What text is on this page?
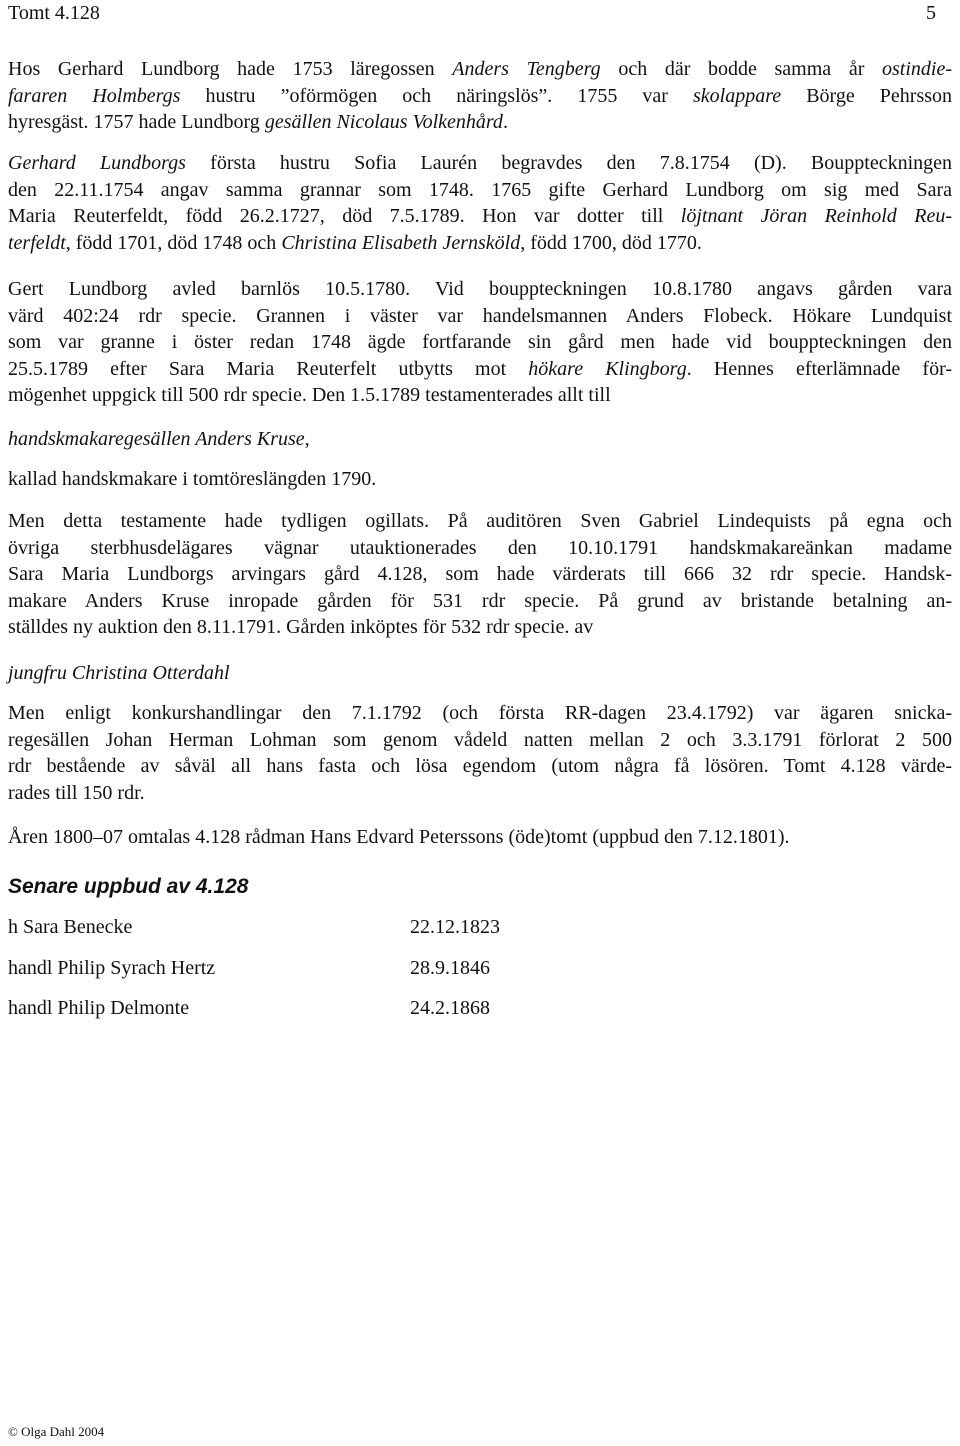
Tomt 4.128	5
Hos Gerhard Lundborg hade 1753 läregossen Anders Tengberg och där bodde samma år ostindie-
fararen Holmbergs hustru ”oförmögen och näringslös”. 1755 var skolappare Börge Pehrsson
hyresgäst. 1757 hade Lundborg gesällen Nicolaus Volkenhård.
Gerhard Lundborgs första hustru Sofia Laurén begravdes den 7.8.1754 (D). Bouppteckningen
den 22.11.1754 angav samma grannar som 1748. 1765 gifte Gerhard Lundborg om sig med Sara
Maria Reuterfeldt, född 26.2.1727, död 7.5.1789. Hon var dotter till löjtnant Jöran Reinhold Reu-
terfeldt, född 1701, död 1748 och Christina Elisabeth Jernsköld, född 1700, död 1770.
Gert Lundborg avled barnlös 10.5.1780. Vid bouppteckningen 10.8.1780 angavs gården vara
värd 402:24 rdr specie. Grannen i väster var handelsmannen Anders Flobeck. Hökare Lundquist
som var granne i öster redan 1748 ägde fortfarande sin gård men hade vid bouppteckningen den
25.5.1789 efter Sara Maria Reuterfelt utbytts mot hökare Klingborg. Hennes efterlämnade för-
mögenhet uppgick till 500 rdr specie. Den 1.5.1789 testamenterades allt till
handskmakaregesällen Anders Kruse,
kallad handskmakare i tomtöreslängden 1790.
Men detta testamente hade tydligen ogillats. På auditören Sven Gabriel Lindequists på egna och
övriga sterbhusdelägares vägnar utauktionerades den 10.10.1791 handskmakareänkan madame
Sara Maria Lundborgs arvingars gård 4.128, som hade värderats till 666 32 rdr specie. Handsk-
makare Anders Kruse inropade gården för 531 rdr specie. På grund av bristande betalning an-
ställdes ny auktion den 8.11.1791. Gården inköptes för 532 rdr specie. av
jungfru Christina Otterdahl
Men enligt konkurshandlingar den 7.1.1792 (och första RR-dagen 23.4.1792) var ägaren snicka-
regesällen Johan Herman Lohman som genom vådeld natten mellan 2 och 3.3.1791 förlorat 2 500
rdr bestående av såväl all hans fasta och lösa egendom (utom några få lösören. Tomt 4.128 värde-
rades till 150 rdr.
Åren 1800–07 omtalas 4.128 rådman Hans Edvard Peterssons (öde)tomt (uppbud den 7.12.1801).
Senare uppbud av 4.128
h Sara Benecke	22.12.1823
handl Philip Syrach Hertz	28.9.1846
handl Philip Delmonte	24.2.1868
© Olga Dahl 2004
